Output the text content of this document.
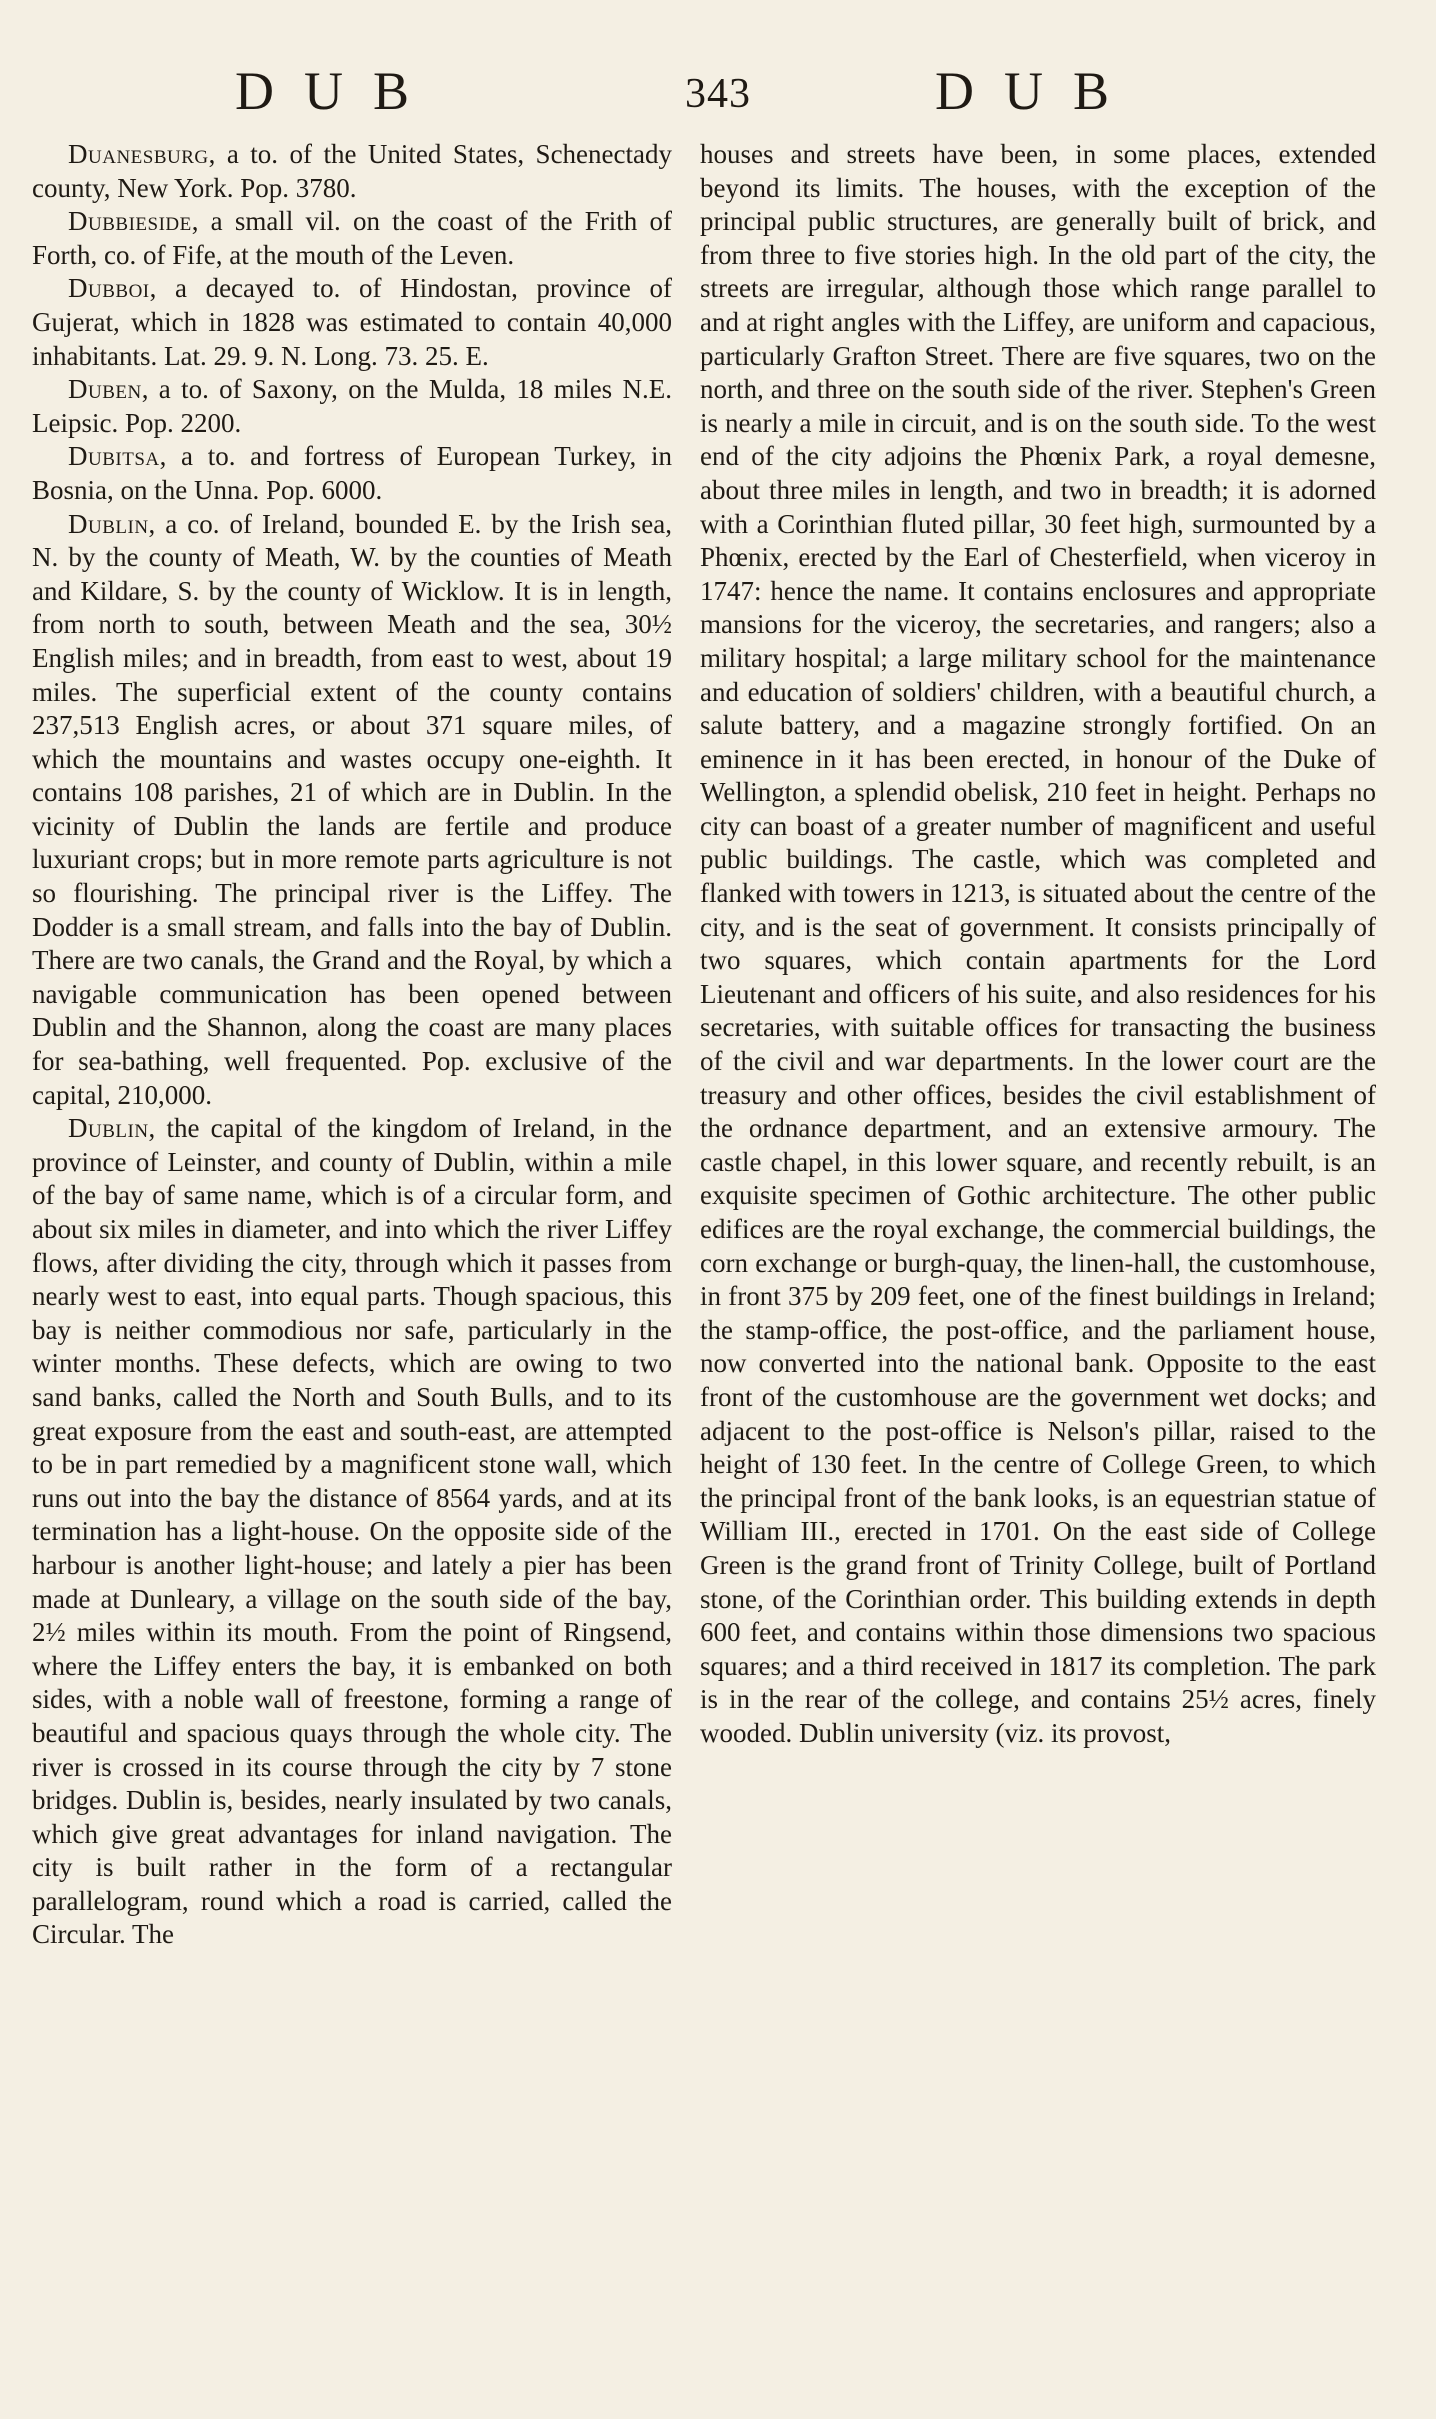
DUB	343	DUB

Duanesburg, a to. of the United States, Schenectady county, New York. Pop. 3780.

Dubbieside, a small vil. on the coast of the Frith of Forth, co. of Fife, at the mouth of the Leven.

Dubboi, a decayed to. of Hindostan, province of Gujerat, which in 1828 was estimated to contain 40,000 inhabitants. Lat. 29. 9. N. Long. 73. 25. E.

Duben, a to. of Saxony, on the Mulda, 18 miles N.E. Leipsic. Pop. 2200.

Dubitsa, a to. and fortress of European Turkey, in Bosnia, on the Unna. Pop. 6000.

Dublin, a co. of Ireland, bounded E. by the Irish sea, N. by the county of Meath, W. by the counties of Meath and Kildare, S. by the county of Wicklow. It is in length, from north to south, between Meath and the sea, 30½ English miles; and in breadth, from east to west, about 19 miles. The superficial extent of the county contains 237,513 English acres, or about 371 square miles, of which the mountains and wastes occupy one-eighth. It contains 108 parishes, 21 of which are in Dublin. In the vicinity of Dublin the lands are fertile and produce luxuriant crops; but in more remote parts agriculture is not so flourishing. The principal river is the Liffey. The Dodder is a small stream, and falls into the bay of Dublin. There are two canals, the Grand and the Royal, by which a navigable communication has been opened between Dublin and the Shannon, along the coast are many places for sea-bathing, well frequented. Pop. exclusive of the capital, 210,000.

Dublin, the capital of the kingdom of Ireland, in the province of Leinster, and county of Dublin, within a mile of the bay of same name, which is of a circular form, and about six miles in diameter, and into which the river Liffey flows, after dividing the city, through which it passes from nearly west to east, into equal parts. Though spacious, this bay is neither commodious nor safe, particularly in the winter months. These defects, which are owing to two sand banks, called the North and South Bulls, and to its great exposure from the east and south-east, are attempted to be in part remedied by a magnificent stone wall, which runs out into the bay the distance of 8564 yards, and at its termination has a light-house. On the opposite side of the harbour is another light-house; and lately a pier has been made at Dunleary, a village on the south side of the bay, 2½ miles within its mouth. From the point of Ringsend, where the Liffey enters the bay, it is embanked on both sides, with a noble wall of freestone, forming a range of beautiful and spacious quays through the whole city. The river is crossed in its course through the city by 7 stone bridges. Dublin is, besides, nearly insulated by two canals, which give great advantages for inland navigation. The city is built rather in the form of a rectangular parallelogram, round which a road is carried, called the Circular. The

houses and streets have been, in some places, extended beyond its limits. The houses, with the exception of the principal public structures, are generally built of brick, and from three to five stories high. In the old part of the city, the streets are irregular, although those which range parallel to and at right angles with the Liffey, are uniform and capacious, particularly Grafton Street. There are five squares, two on the north, and three on the south side of the river. Stephen's Green is nearly a mile in circuit, and is on the south side. To the west end of the city adjoins the Phœnix Park, a royal demesne, about three miles in length, and two in breadth; it is adorned with a Corinthian fluted pillar, 30 feet high, surmounted by a Phœnix, erected by the Earl of Chesterfield, when viceroy in 1747: hence the name. It contains enclosures and appropriate mansions for the viceroy, the secretaries, and rangers; also a military hospital; a large military school for the maintenance and education of soldiers' children, with a beautiful church, a salute battery, and a magazine strongly fortified. On an eminence in it has been erected, in honour of the Duke of Wellington, a splendid obelisk, 210 feet in height. Perhaps no city can boast of a greater number of magnificent and useful public buildings. The castle, which was completed and flanked with towers in 1213, is situated about the centre of the city, and is the seat of government. It consists principally of two squares, which contain apartments for the Lord Lieutenant and officers of his suite, and also residences for his secretaries, with suitable offices for transacting the business of the civil and war departments. In the lower court are the treasury and other offices, besides the civil establishment of the ordnance department, and an extensive armoury. The castle chapel, in this lower square, and recently rebuilt, is an exquisite specimen of Gothic architecture. The other public edifices are the royal exchange, the commercial buildings, the corn exchange or burgh-quay, the linen-hall, the customhouse, in front 375 by 209 feet, one of the finest buildings in Ireland; the stamp-office, the post-office, and the parliament house, now converted into the national bank. Opposite to the east front of the customhouse are the government wet docks; and adjacent to the post-office is Nelson's pillar, raised to the height of 130 feet. In the centre of College Green, to which the principal front of the bank looks, is an equestrian statue of William III., erected in 1701. On the east side of College Green is the grand front of Trinity College, built of Portland stone, of the Corinthian order. This building extends in depth 600 feet, and contains within those dimensions two spacious squares; and a third received in 1817 its completion. The park is in the rear of the college, and contains 25½ acres, finely wooded. Dublin university (viz. its provost,
